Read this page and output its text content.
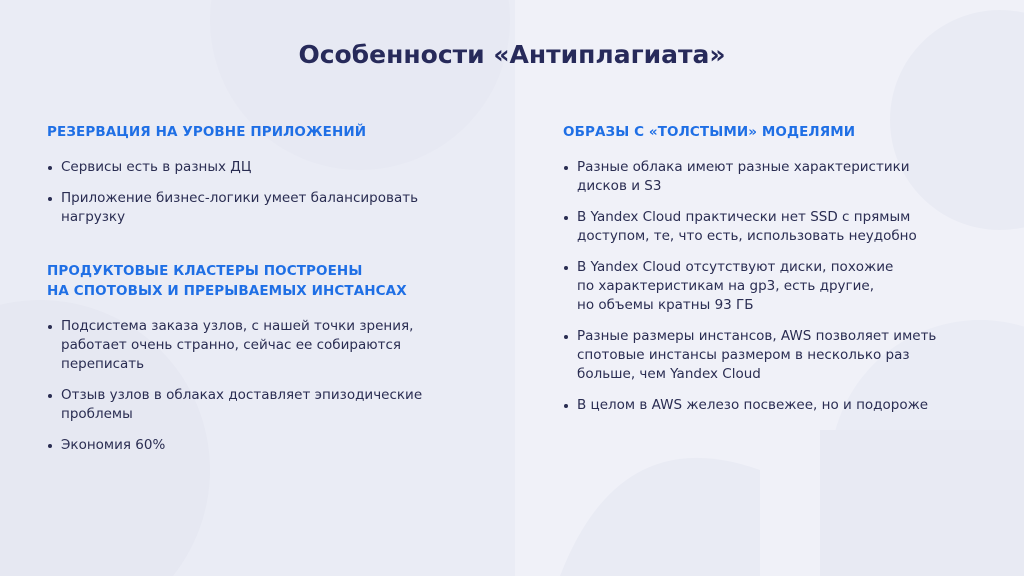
Особенности «Антиплагиата»
РЕЗЕРВАЦИЯ НА УРОВНЕ ПРИЛОЖЕНИЙ
Сервисы есть в разных ДЦ
Приложение бизнес-логики умеет балансировать
нагрузку
ПРОДУКТОВЫЕ КЛАСТЕРЫ ПОСТРОЕНЫ
НА СПОТОВЫХ И ПРЕРЫВАЕМЫХ ИНСТАНСАХ
Подсистема заказа узлов, с нашей точки зрения,
работает очень странно, сейчас ее собираются
переписать
Отзыв узлов в облаках доставляет эпизодические
проблемы
Экономия 60%
ОБРАЗЫ С «ТОЛСТЫМИ» МОДЕЛЯМИ
Разные облака имеют разные характеристики
дисков и S3
В Yandex Cloud практически нет SSD с прямым
доступом, те, что есть, использовать неудобно
В Yandex Cloud отсутствуют диски, похожие
по характеристикам на gp3, есть другие,
но объемы кратны 93 ГБ
Разные размеры инстансов, AWS позволяет иметь
спотовые инстансы размером в несколько раз
больше, чем Yandex Cloud
В целом в AWS железо посвежее, но и подороже
